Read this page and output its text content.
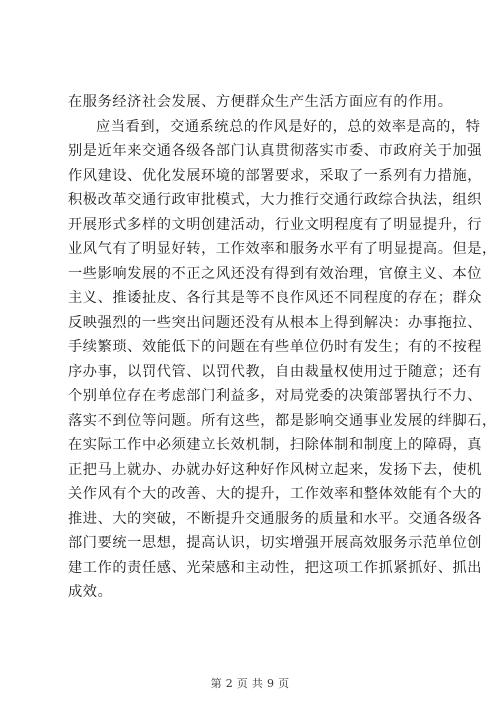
在服务经济社会发展、方便群众生产生活方面应有的作用。
应当看到，交通系统总的作风是好的，总的效率是高的，特
别是近年来交通各级各部门认真贯彻落实市委、市政府关于加强
作风建设、优化发展环境的部署要求，采取了一系列有力措施，
积极改革交通行政审批模式，大力推行交通行政综合执法，组织
开展形式多样的文明创建活动，行业文明程度有了明显提升，行
业风气有了明显好转，工作效率和服务水平有了明显提高。但是，
一些影响发展的不正之风还没有得到有效治理，官僚主义、本位
主义、推诿扯皮、各行其是等不良作风还不同程度的存在；群众
反映强烈的一些突出问题还没有从根本上得到解决：办事拖拉、
手续繁琐、效能低下的问题在有些单位仍时有发生；有的不按程
序办事，以罚代管、以罚代教，自由裁量权使用过于随意；还有
个别单位存在考虑部门利益多，对局党委的决策部署执行不力、
落实不到位等问题。所有这些，都是影响交通事业发展的绊脚石，
在实际工作中必须建立长效机制，扫除体制和制度上的障碍，真
正把马上就办、办就办好这种好作风树立起来，发扬下去，使机
关作风有个大的改善、大的提升，工作效率和整体效能有个大的
推进、大的突破，不断提升交通服务的质量和水平。交通各级各
部门要统一思想，提高认识，切实增强开展高效服务示范单位创
建工作的责任感、光荣感和主动性，把这项工作抓紧抓好、抓出
成效。
第 2 页 共 9 页
